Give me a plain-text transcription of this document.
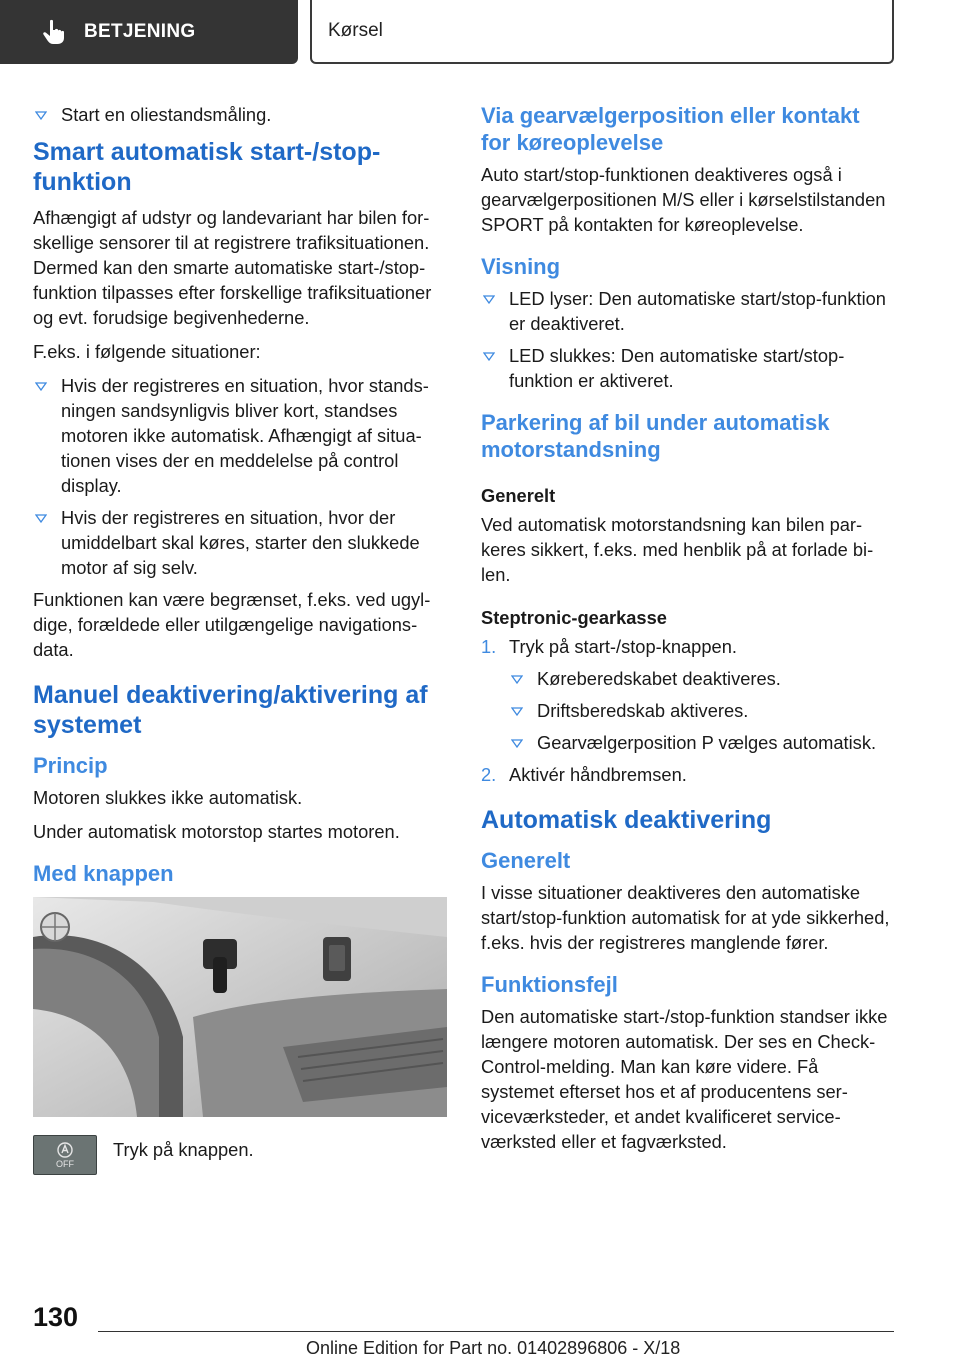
BETJENING	Kørsel
Start en oliestandsmåling.
Smart automatisk start-/stop-funktion

Afhængigt af udstyr og landevariant har bilen forskellige sensorer til at registrere trafiksituationen. Dermed kan den smarte automatiske start-/stop-funktion tilpasses efter forskellige trafiksituationer og evt. forudsige begivenhederne.

F.eks. i følgende situationer:

Hvis der registreres en situation, hvor standsningen sandsynligvis bliver kort, standses motoren ikke automatisk. Afhængigt af situationen vises der en meddelelse på control display.
Hvis der registreres en situation, hvor der umiddelbart skal køres, starter den slukkede motor af sig selv.

Funktionen kan være begrænset, f.eks. ved ugyldige, forældede eller utilgængelige navigationsdata.

Manuel deaktivering/aktivering af systemet
Princip

Motoren slukkes ikke automatisk.

Under automatisk motorstop startes motoren.

Med knappen
OFF
Tryk på knappen.
Via gearvælgerposition eller kontakt for køreoplevelse

Auto start/stop-funktionen deaktiveres også i gearvælgerpositionen M/S eller i kørselstilstanden SPORT på kontakten for køreoplevelse.

Visning
LED lyser: Den automatiske start/stop-funktion er deaktiveret.
LED slukkes: Den automatiske start/stop-funktion er aktiveret.
Parkering af bil under automatisk motorstandsning
Generelt

Ved automatisk motorstandsning kan bilen parkeres sikkert, f.eks. med henblik på at forlade bilen.

Steptronic-gearkasse
1. Tryk på start-/stop-knappen.
Køreberedskabet deaktiveres.
Driftsberedskab aktiveres.
Gearvælgerposition P vælges automatisk.
2. Aktivér håndbremsen.
Automatisk deaktivering
Generelt

I visse situationer deaktiveres den automatiske start/stop-funktion automatisk for at yde sikkerhed, f.eks. hvis der registreres manglende fører.

Funktionsfejl

Den automatiske start-/stop-funktion standser ikke længere motoren automatisk. Der ses en Check-Control-melding. Man kan køre videre. Få systemet efterset hos et af producentens serviceværksteder, et andet kvalificeret serviceværksted eller et fagværksted.

130
Online Edition for Part no. 01402896806 - X/18
